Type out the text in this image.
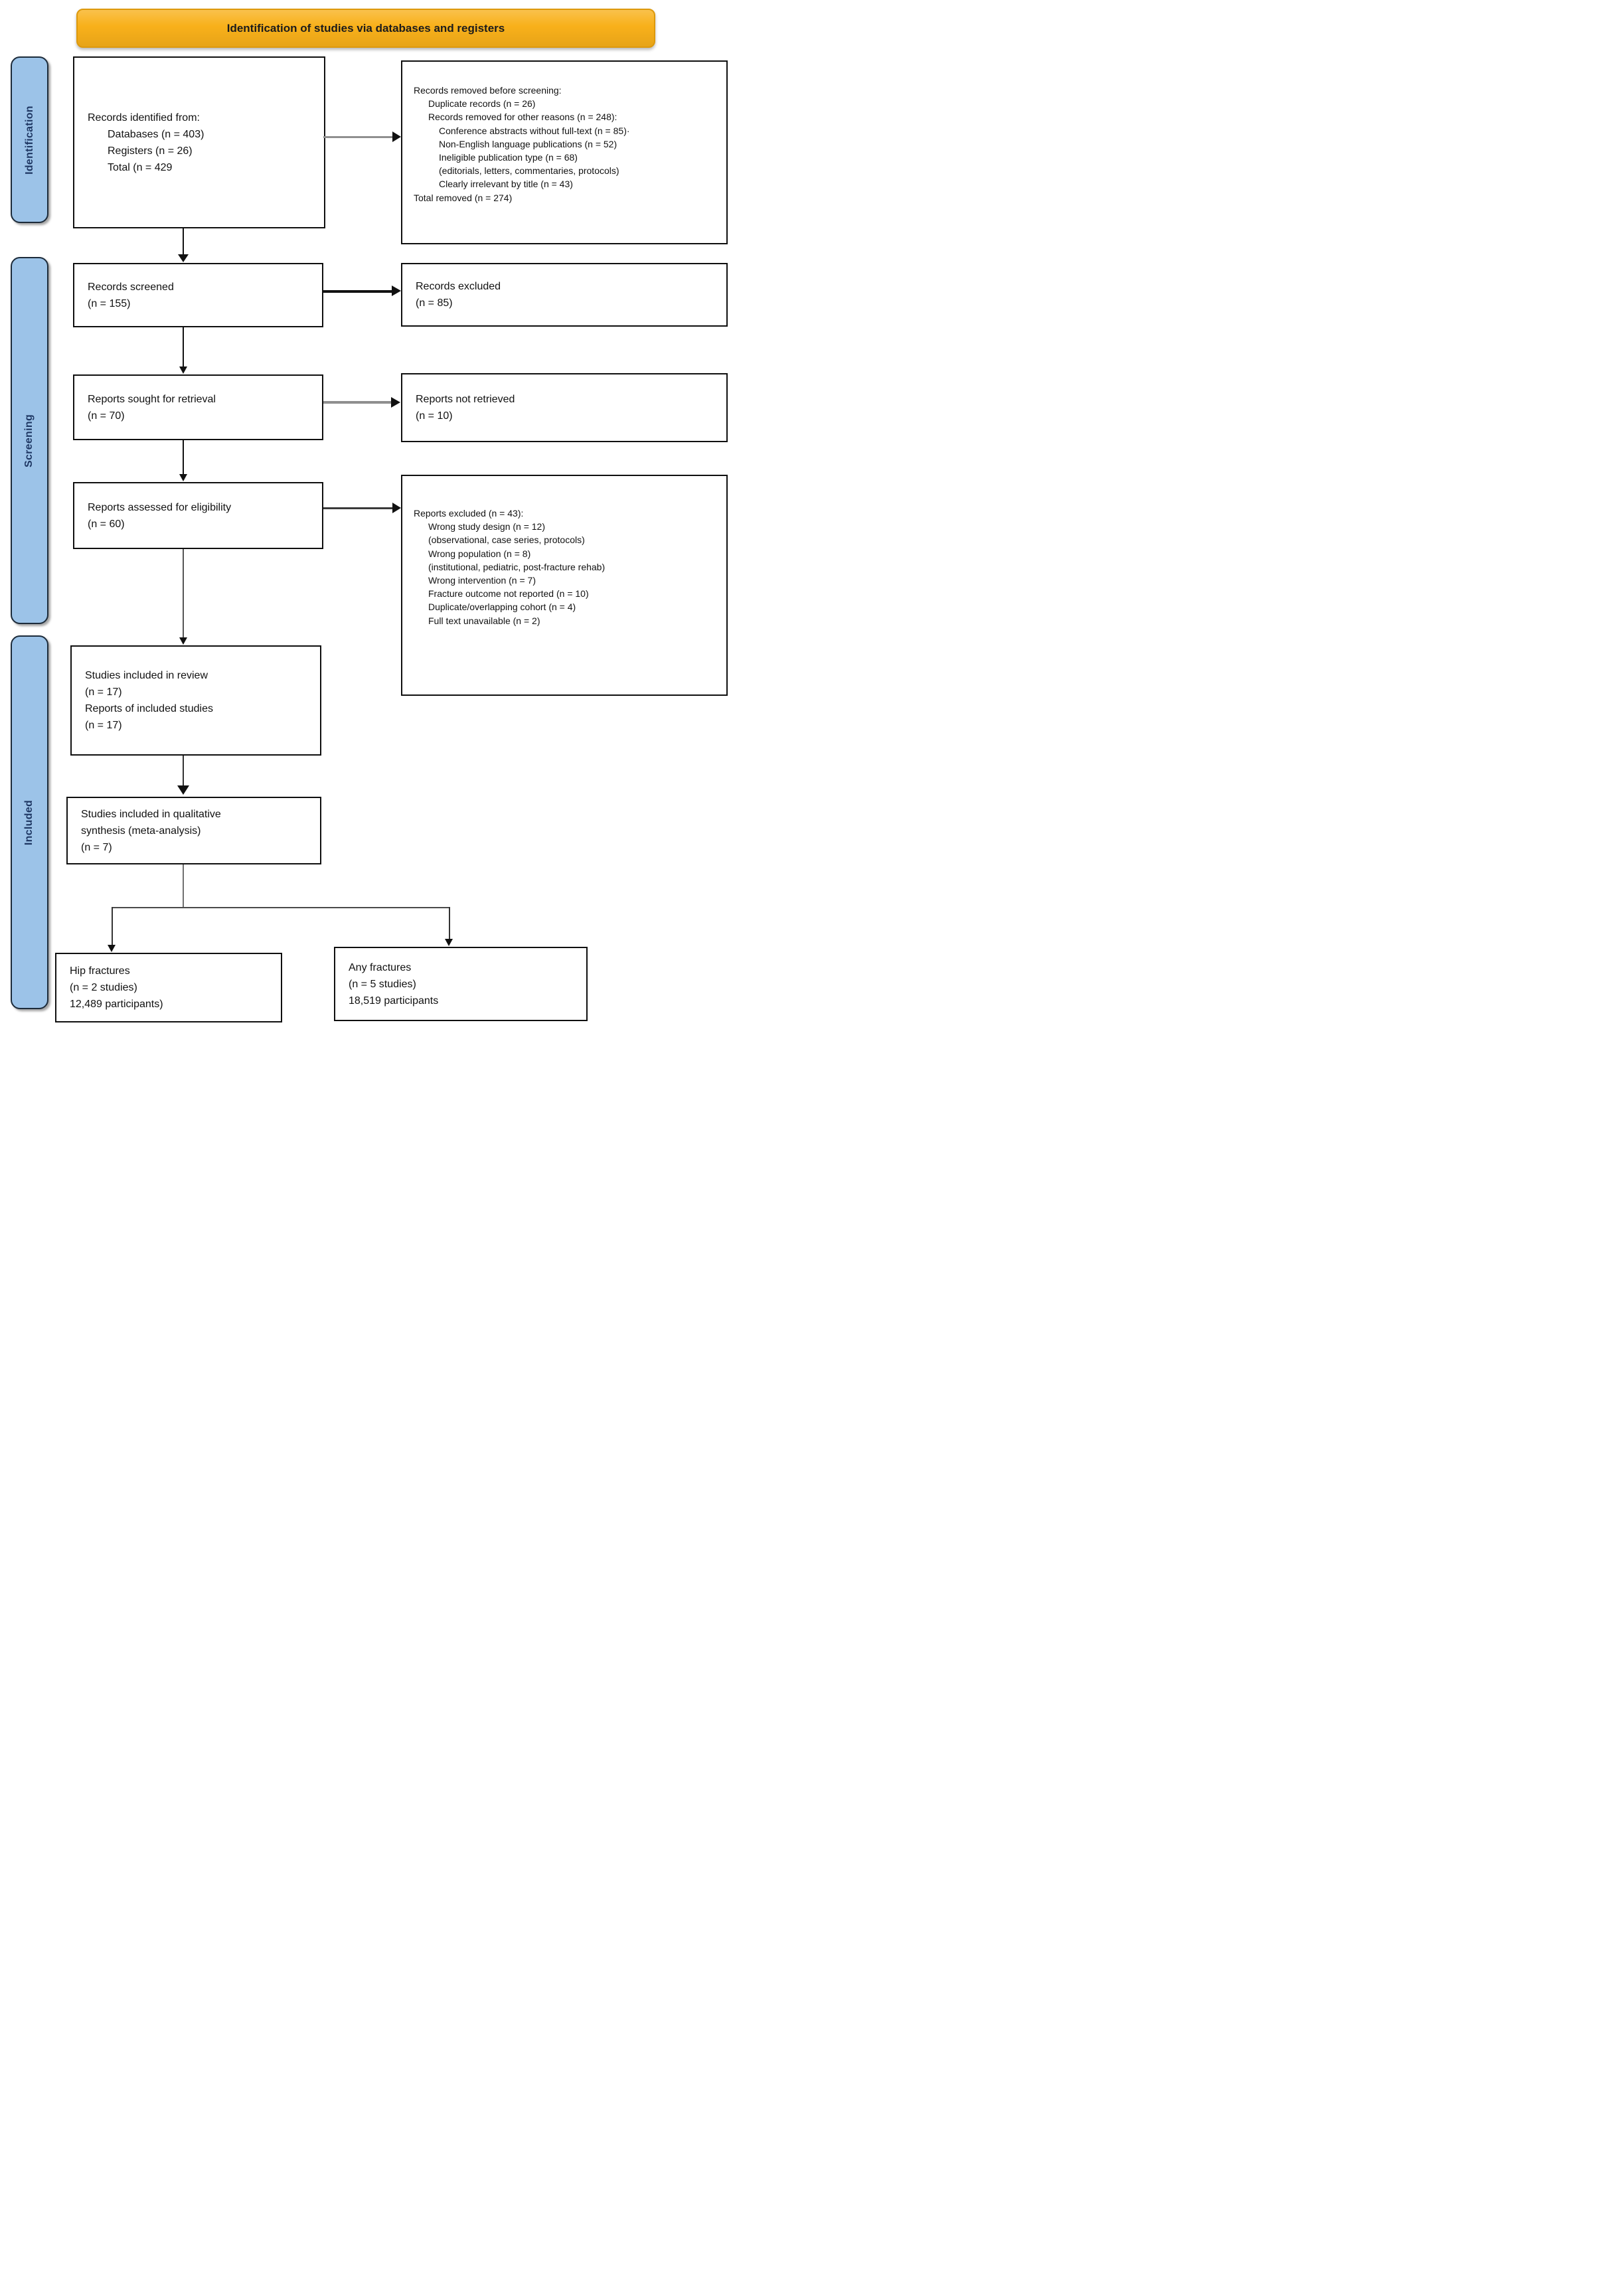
Identification of studies via databases and registers
Identification
Screening
Included
Records identified from:
Databases (n = 403)
Registers (n = 26)
Total (n = 429
Records removed before screening:
Duplicate records (n = 26)
Records removed for other reasons (n = 248):
Conference abstracts without full-text (n = 85)·
Non-English language publications (n = 52)
Ineligible publication type (n = 68)
(editorials, letters, commentaries, protocols)
Clearly irrelevant by title (n = 43)
Total removed (n = 274)
Records screened
(n = 155)
Records excluded
(n = 85)
Reports sought for retrieval
(n = 70)
Reports not retrieved
(n = 10)
Reports assessed for eligibility
(n = 60)
Reports excluded (n = 43):
Wrong study design (n = 12)
(observational, case series, protocols)
Wrong population (n = 8)
(institutional, pediatric, post-fracture rehab)
Wrong intervention (n = 7)
Fracture outcome not reported (n = 10)
Duplicate/overlapping cohort (n = 4)
Full text unavailable (n = 2)
Studies included in review
(n = 17)
Reports of included studies
(n = 17)
Studies included in qualitative
synthesis (meta-analysis)
(n = 7)
Hip fractures
(n = 2 studies)
12,489 participants)
Any fractures
(n = 5 studies)
18,519 participants
